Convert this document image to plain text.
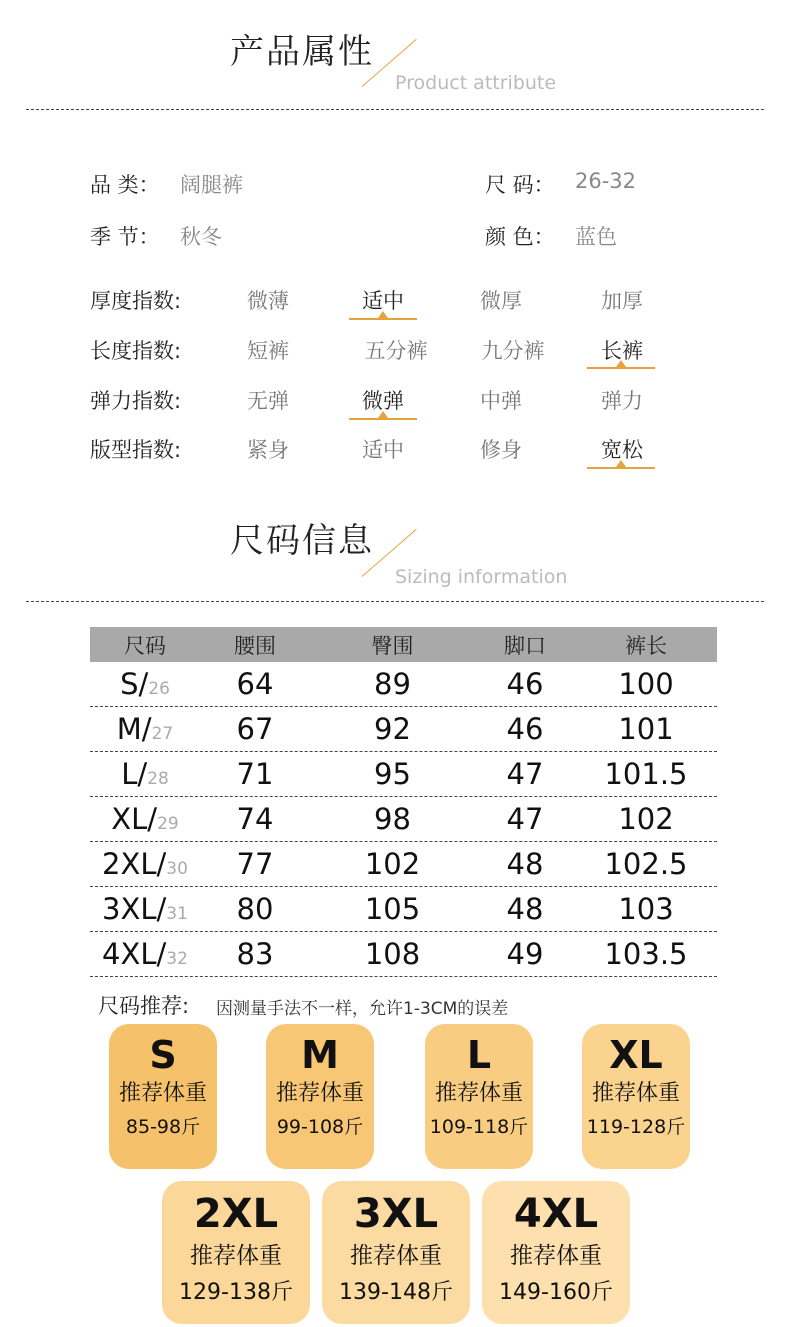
产品属性
Product attribute
品 类： 阔腿裤	尺 码： 26-32
季 节： 秋冬	颜 色： 蓝色
厚度指数:	微薄	适中	微厚	加厚
长度指数:	短裤	五分裤	九分裤	长裤
弹力指数:	无弹	微弹	中弹	弹力
版型指数:	紧身	适中	修身	宽松
尺码信息
Sizing information
尺码	腰围	臀围	脚口	裤长
S/26	64	89	46	100
M/27	67	92	46	101
L/28	71	95	47	101.5
XL/29	74	98	47	102
2XL/30	77	102	48	102.5
3XL/31	80	105	48	103
4XL/32	83	108	49	103.5
尺码推荐: 因测量手法不一样，允许1-3CM的误差
S
推荐体重
85-98斤
M
推荐体重
99-108斤
L
推荐体重
109-118斤
XL
推荐体重
119-128斤
2XL
推荐体重
129-138斤
3XL
推荐体重
139-148斤
4XL
推荐体重
149-160斤
